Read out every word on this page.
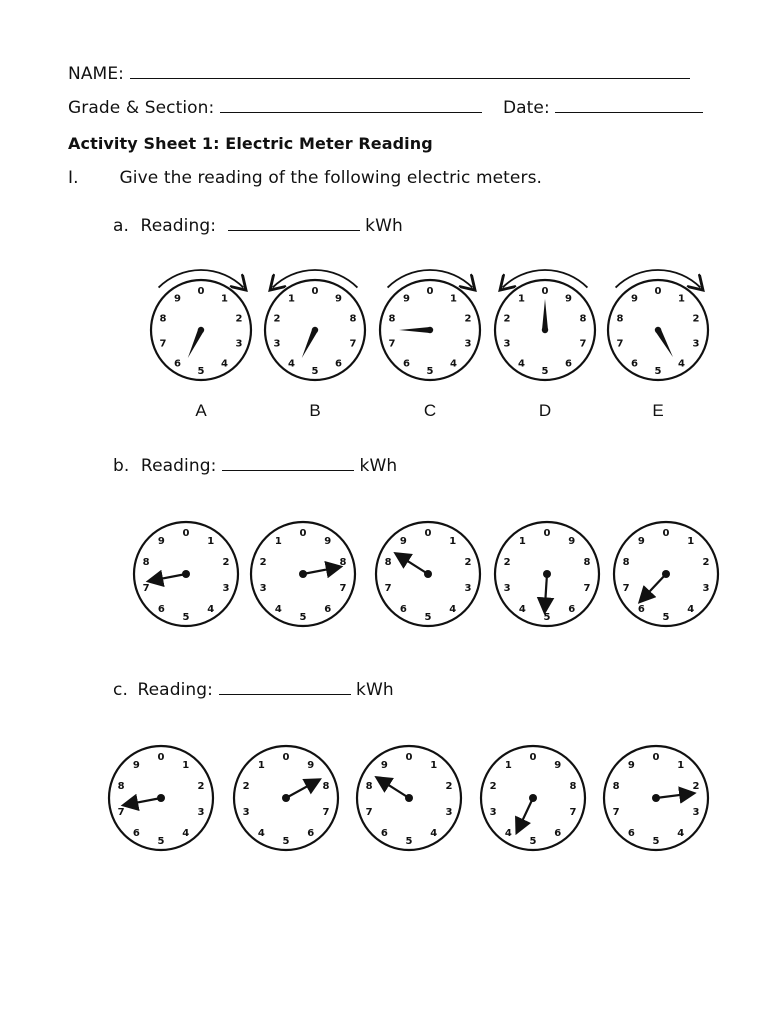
NAME:
Grade & Section:	Date:
Activity Sheet 1: Electric Meter Reading
I. Give the reading of the following electric meters.
a. Reading:	kWh
0
1
2
3
4
5
6
7
8
9
A
0
1
2
3
4
5
6
7
8
9
B
0
1
2
3
4
5
6
7
8
9
C
0
1
2
3
4
5
6
7
8
9
D
0
1
2
3
4
5
6
7
8
9
E
b. Reading:	kWh
0
1
2
3
4
5
6
7
8
9
0
1
2
3
4
5
6
7
8
9
0
1
2
3
4
5
6
7
8
9
0
1
2
3
4
5
6
7
8
9
0
1
2
3
4
5
6
7
8
9
c. Reading:	kWh
0
1
2
3
4
5
6
7
8
9
0
1
2
3
4
5
6
7
8
9
0
1
2
3
4
5
6
7
8
9
0
1
2
3
4
5
6
7
8
9
0
1
2
3
4
5
6
7
8
9
